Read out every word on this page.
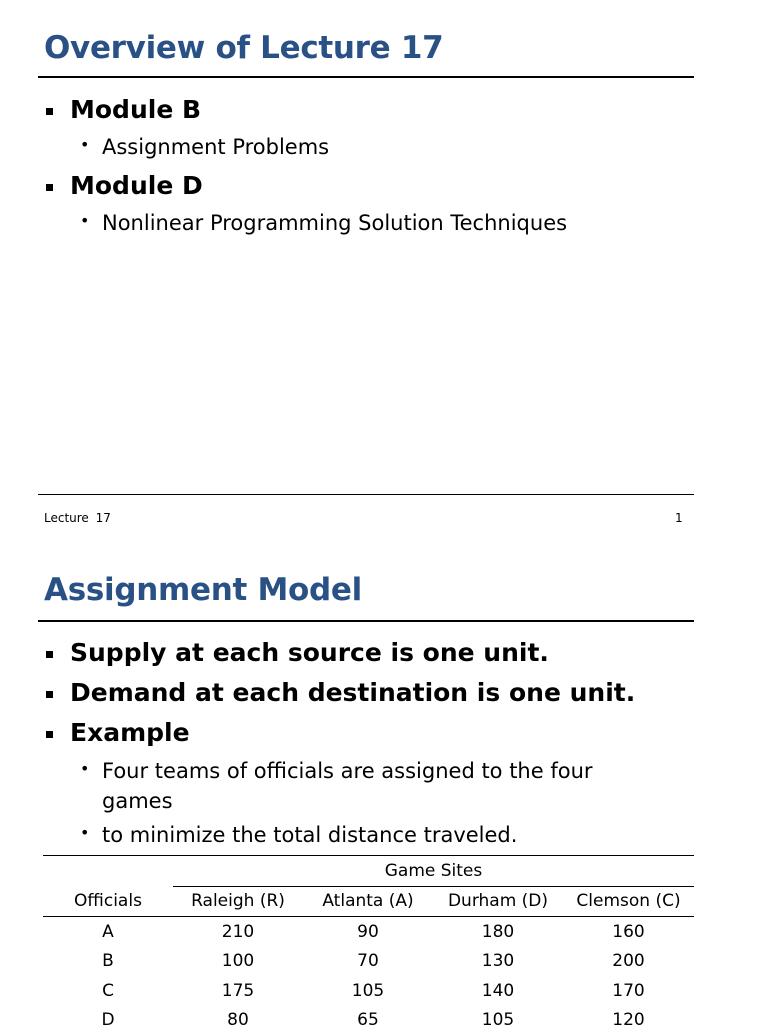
Overview of Lecture 17
Module B
• Assignment Problems
Module D
• Nonlinear Programming Solution Techniques
Lecture 17	1
Assignment Model
Supply at each source is one unit.
Demand at each destination is one unit.
Example
• Four teams of officials are assigned to the four games
• to minimize the total distance traveled.
	Game Sites			
Officials	Raleigh (R)	Atlanta (A)	Durham (D)	Clemson (C)
A	210	90	180	160
B	100	70	130	200
C	175	105	140	170
D	80	65	105	120
